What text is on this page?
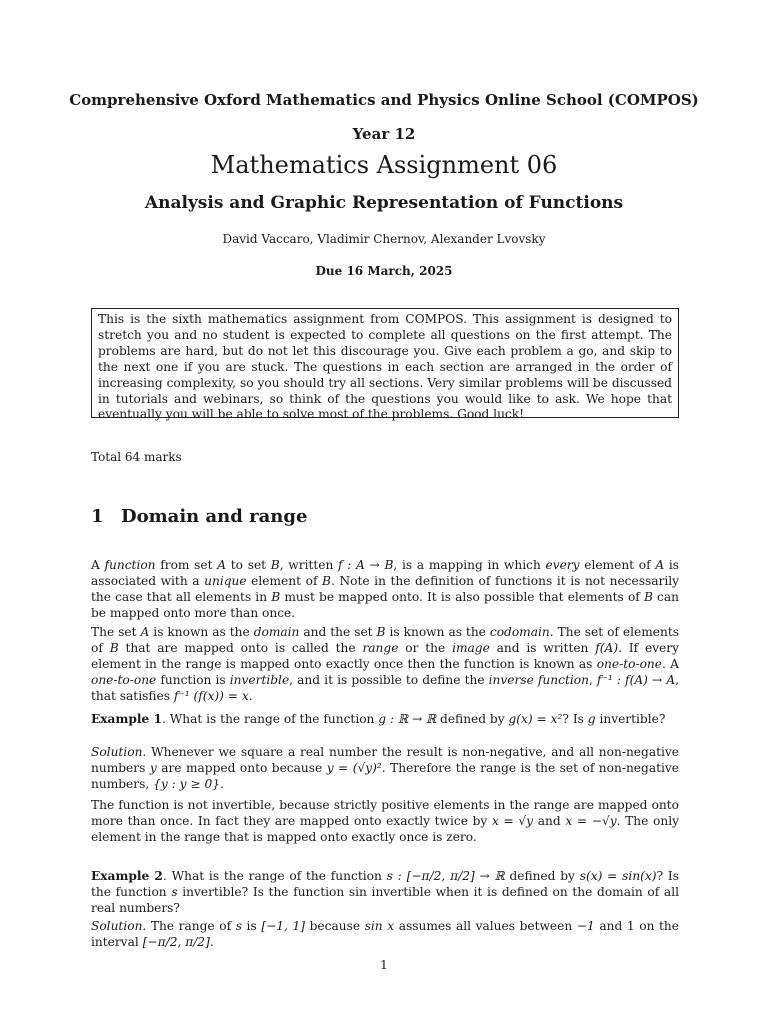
Comprehensive Oxford Mathematics and Physics Online School (COMPOS)
Year 12
Mathematics Assignment 06
Analysis and Graphic Representation of Functions
David Vaccaro, Vladimir Chernov, Alexander Lvovsky
Due 16 March, 2025
This is the sixth mathematics assignment from COMPOS. This assignment is designed to stretch you and no student is expected to complete all questions on the first attempt. The problems are hard, but do not let this discourage you. Give each problem a go, and skip to the next one if you are stuck. The questions in each section are arranged in the order of increasing complexity, so you should try all sections. Very similar problems will be discussed in tutorials and webinars, so think of the questions you would like to ask. We hope that eventually you will be able to solve most of the problems. Good luck!
Total 64 marks
1 Domain and range
A function from set A to set B, written f : A → B, is a mapping in which every element of A is associated with a unique element of B. Note in the definition of functions it is not necessarily the case that all elements in B must be mapped onto. It is also possible that elements of B can be mapped onto more than once.
The set A is known as the domain and the set B is known as the codomain. The set of elements of B that are mapped onto is called the range or the image and is written f(A). If every element in the range is mapped onto exactly once then the function is known as one-to-one. A one-to-one function is invertible, and it is possible to define the inverse function, f⁻¹ : f(A) → A, that satisfies f⁻¹ (f(x)) = x.
Example 1. What is the range of the function g : ℝ → ℝ defined by g(x) = x²? Is g invertible?
Solution. Whenever we square a real number the result is non-negative, and all non-negative numbers y are mapped onto because y = (√y)². Therefore the range is the set of non-negative numbers, {y : y ≥ 0}.
The function is not invertible, because strictly positive elements in the range are mapped onto more than once. In fact they are mapped onto exactly twice by x = √y and x = −√y. The only element in the range that is mapped onto exactly once is zero.
Example 2. What is the range of the function s : [−π/2, π/2] → ℝ defined by s(x) = sin(x)? Is the function s invertible? Is the function sin invertible when it is defined on the domain of all real numbers?
Solution. The range of s is [−1, 1] because sin x assumes all values between −1 and 1 on the interval [−π/2, π/2].
1
